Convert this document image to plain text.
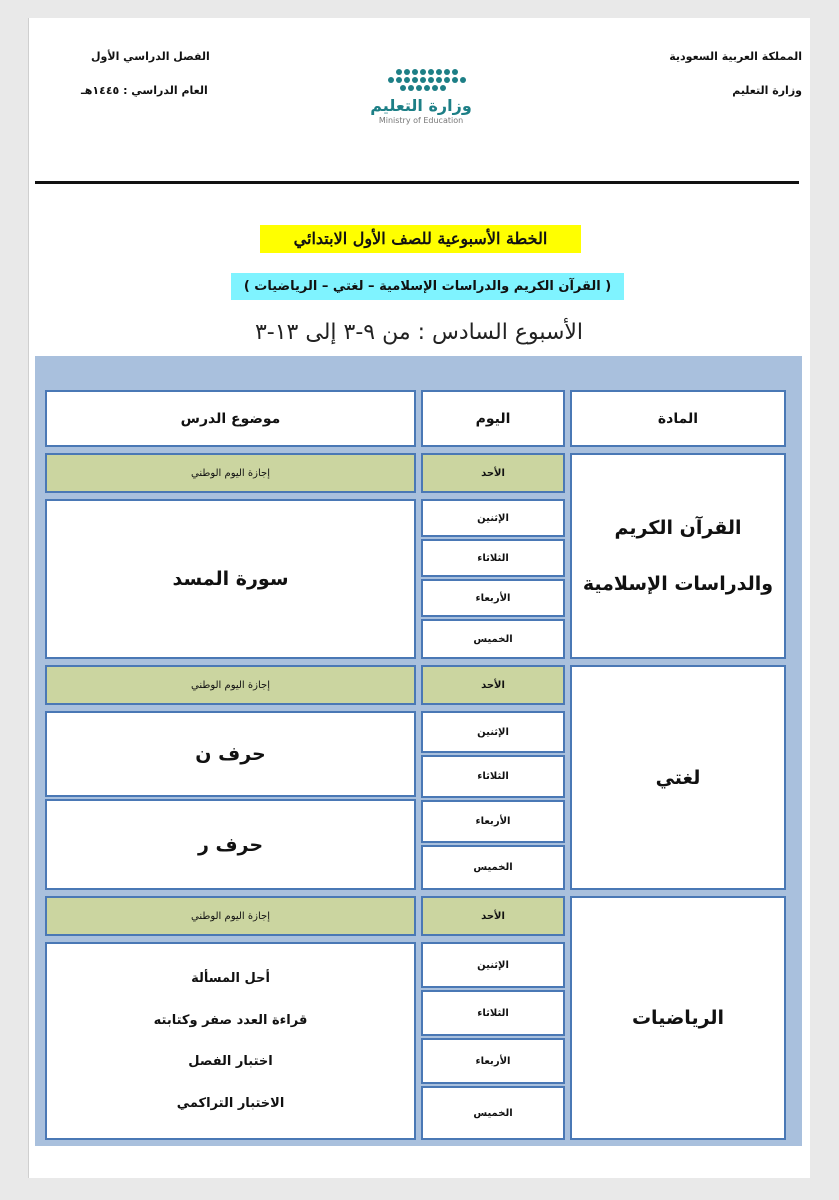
المملكة العربية السعودية
وزارة التعليم
الفصل الدراسي الأول
العام الدراسي : ١٤٤٥هـ
وزارة التعليم
Ministry of Education
الخطة الأسبوعية للصف الأول الابتدائي
( القرآن الكريم والدراسات الإسلامية – لغتي – الرياضيات )
الأسبوع السادس : من ٩-٣ إلى ١٣-٣
المادة
اليوم
موضوع الدرس
القرآن الكريم
والدراسات الإسلامية
الأحد
إجازة اليوم الوطني
الإثنين
الثلاثاء
الأربعاء
الخميس
سورة المسد
لغتي
الأحد
إجازة اليوم الوطني
الإثنين
الثلاثاء
الأربعاء
الخميس
حرف ن
حرف ر
الرياضيات
الأحد
إجازة اليوم الوطني
الإثنين
الثلاثاء
الأربعاء
الخميس
أحل المسألة
قراءة العدد صفر وكتابته
اختبار الفصل
الاختبار التراكمي
